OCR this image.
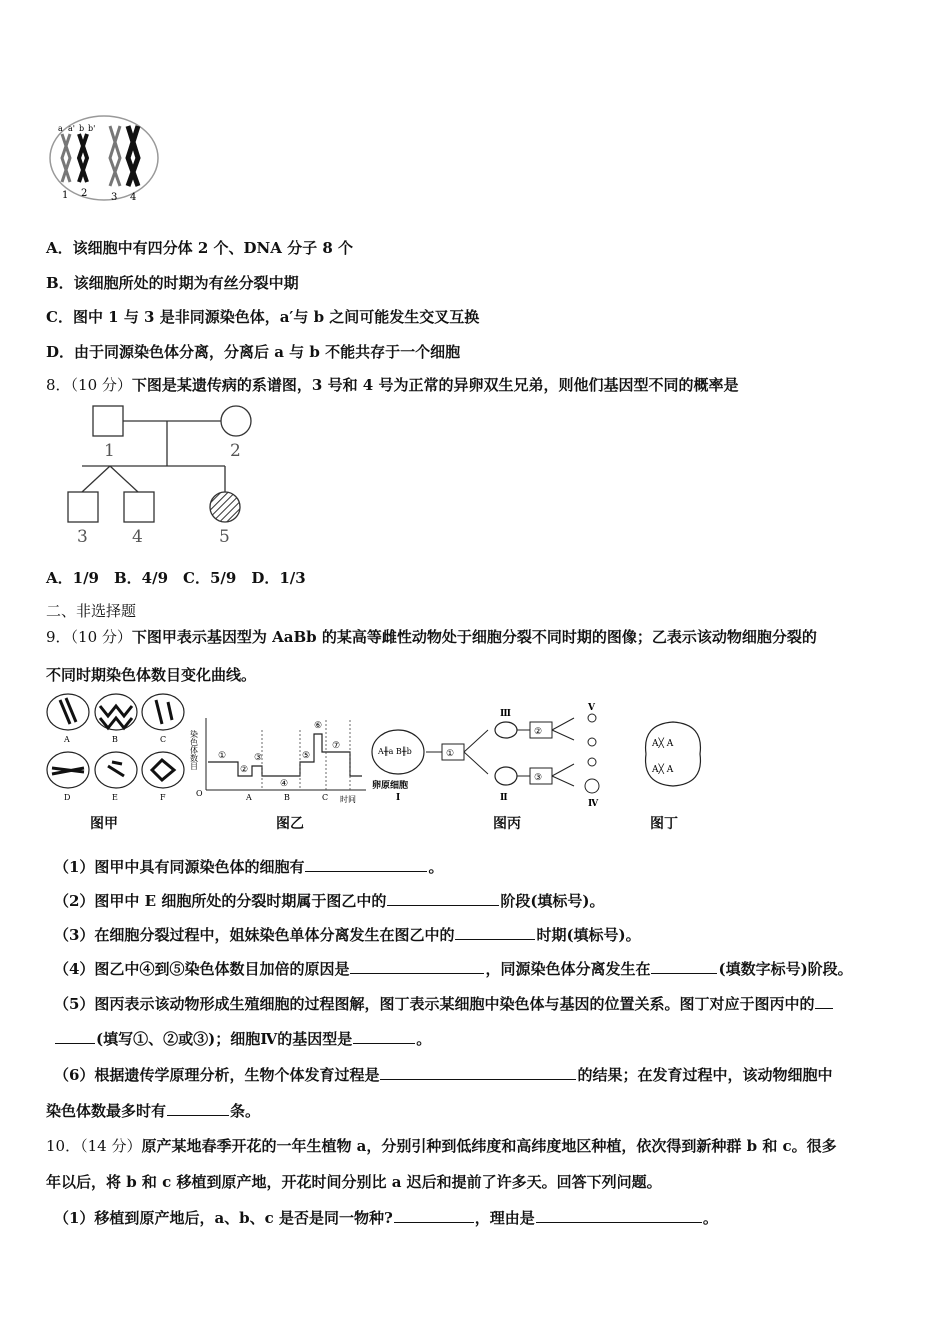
a a' b b'
1 2 3 4
A．该细胞中有四分体 2 个、DNA 分子 8 个
B．该细胞所处的时期为有丝分裂中期
C．图中 1 与 3 是非同源染色体，a′与 b 之间可能发生交叉互换
D．由于同源染色体分离，分离后 a 与 b 不能共存于一个细胞
8．（10 分）下图是某遗传病的系谱图，3 号和 4 号为正常的异卵双生兄弟，则他们基因型不同的概率是
1	2
3	4	5
A．1/9　B．4/9　C．5/9　D．1/3
二、非选择题
9．（10 分）下图甲表示基因型为 AaBb 的某高等雌性动物处于细胞分裂不同时期的图像；乙表示该动物细胞分裂的
不同时期染色体数目变化曲线。
A	B	C
D	E	F
图甲
染色体数目
O
时间
A	B	C
①
②
③
④
⑤
⑥
⑦
图乙
A╫a B╫b
卵原细胞
Ⅰ
①
Ⅲ
Ⅱ
②
③
Ⅴ
Ⅳ
图丙
A╳ A
A╳ A
图丁
（1）图甲中具有同源染色体的细胞有	。
（2）图甲中 E 细胞所处的分裂时期属于图乙中的	阶段(填标号)。
（3）在细胞分裂过程中，姐妹染色单体分离发生在图乙中的	时期(填标号)。
（4）图乙中④到⑤染色体数目加倍的原因是	，同源染色体分离发生在	(填数字标号)阶段。
（5）图丙表示该动物形成生殖细胞的过程图解，图丁表示某细胞中染色体与基因的位置关系。图丁对应于图丙中的
(填写①、②或③)；细胞Ⅳ的基因型是	。
（6）根据遗传学原理分析，生物个体发育过程是	的结果；在发育过程中，该动物细胞中
染色体数最多时有	条。
10．（14 分）原产某地春季开花的一年生植物 a，分别引种到低纬度和高纬度地区种植，依次得到新种群 b 和 c。很多
年以后，将 b 和 c 移植到原产地，开花时间分别比 a 迟后和提前了许多天。回答下列问题。
（1）移植到原产地后，a、b、c 是否是同一物种?	，理由是	。
